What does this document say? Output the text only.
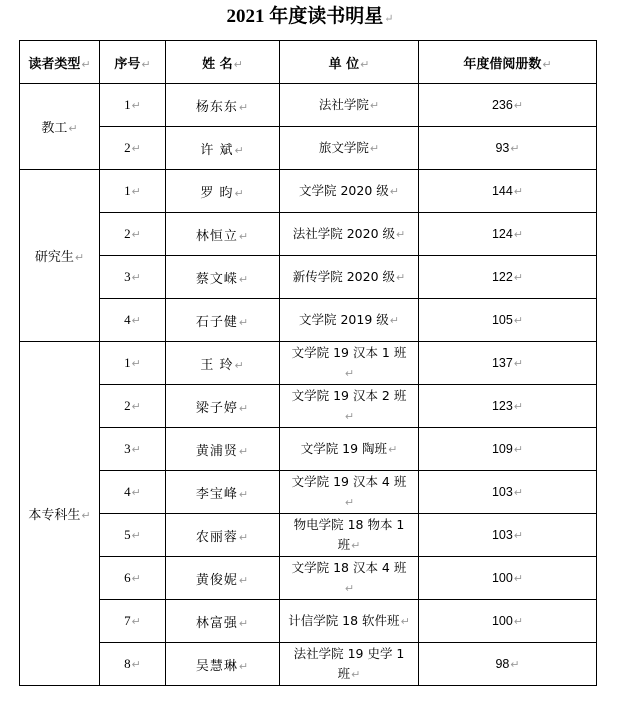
2021 年度读书明星↵
读者类型↵	序号↵	姓 名↵	单 位↵	年度借阅册数↵
教工↵	1↵	杨东东↵	法社学院↵	236↵
	2↵	许 斌↵	旅文学院↵	93↵
研究生↵	1↵	罗 昀↵	文学院 2020 级↵	144↵
	2↵	林恒立↵	法社学院 2020 级↵	124↵
	3↵	蔡文嵘↵	新传学院 2020 级↵	122↵
	4↵	石子健↵	文学院 2019 级↵	105↵
本专科生↵	1↵	王 玲↵	文学院 19 汉本 1 班↵	137↵
	2↵	梁子婷↵	文学院 19 汉本 2 班↵	123↵
	3↵	黄浦贤↵	文学院 19 陶班↵	109↵
	4↵	李宝峰↵	文学院 19 汉本 4 班↵	103↵
	5↵	农丽蓉↵	物电学院 18 物本 1 班↵	103↵
	6↵	黄俊妮↵	文学院 18 汉本 4 班↵	100↵
	7↵	林富强↵	计信学院 18 软件班↵	100↵
	8↵	吴慧琳↵	法社学院 19 史学 1 班↵	98↵
